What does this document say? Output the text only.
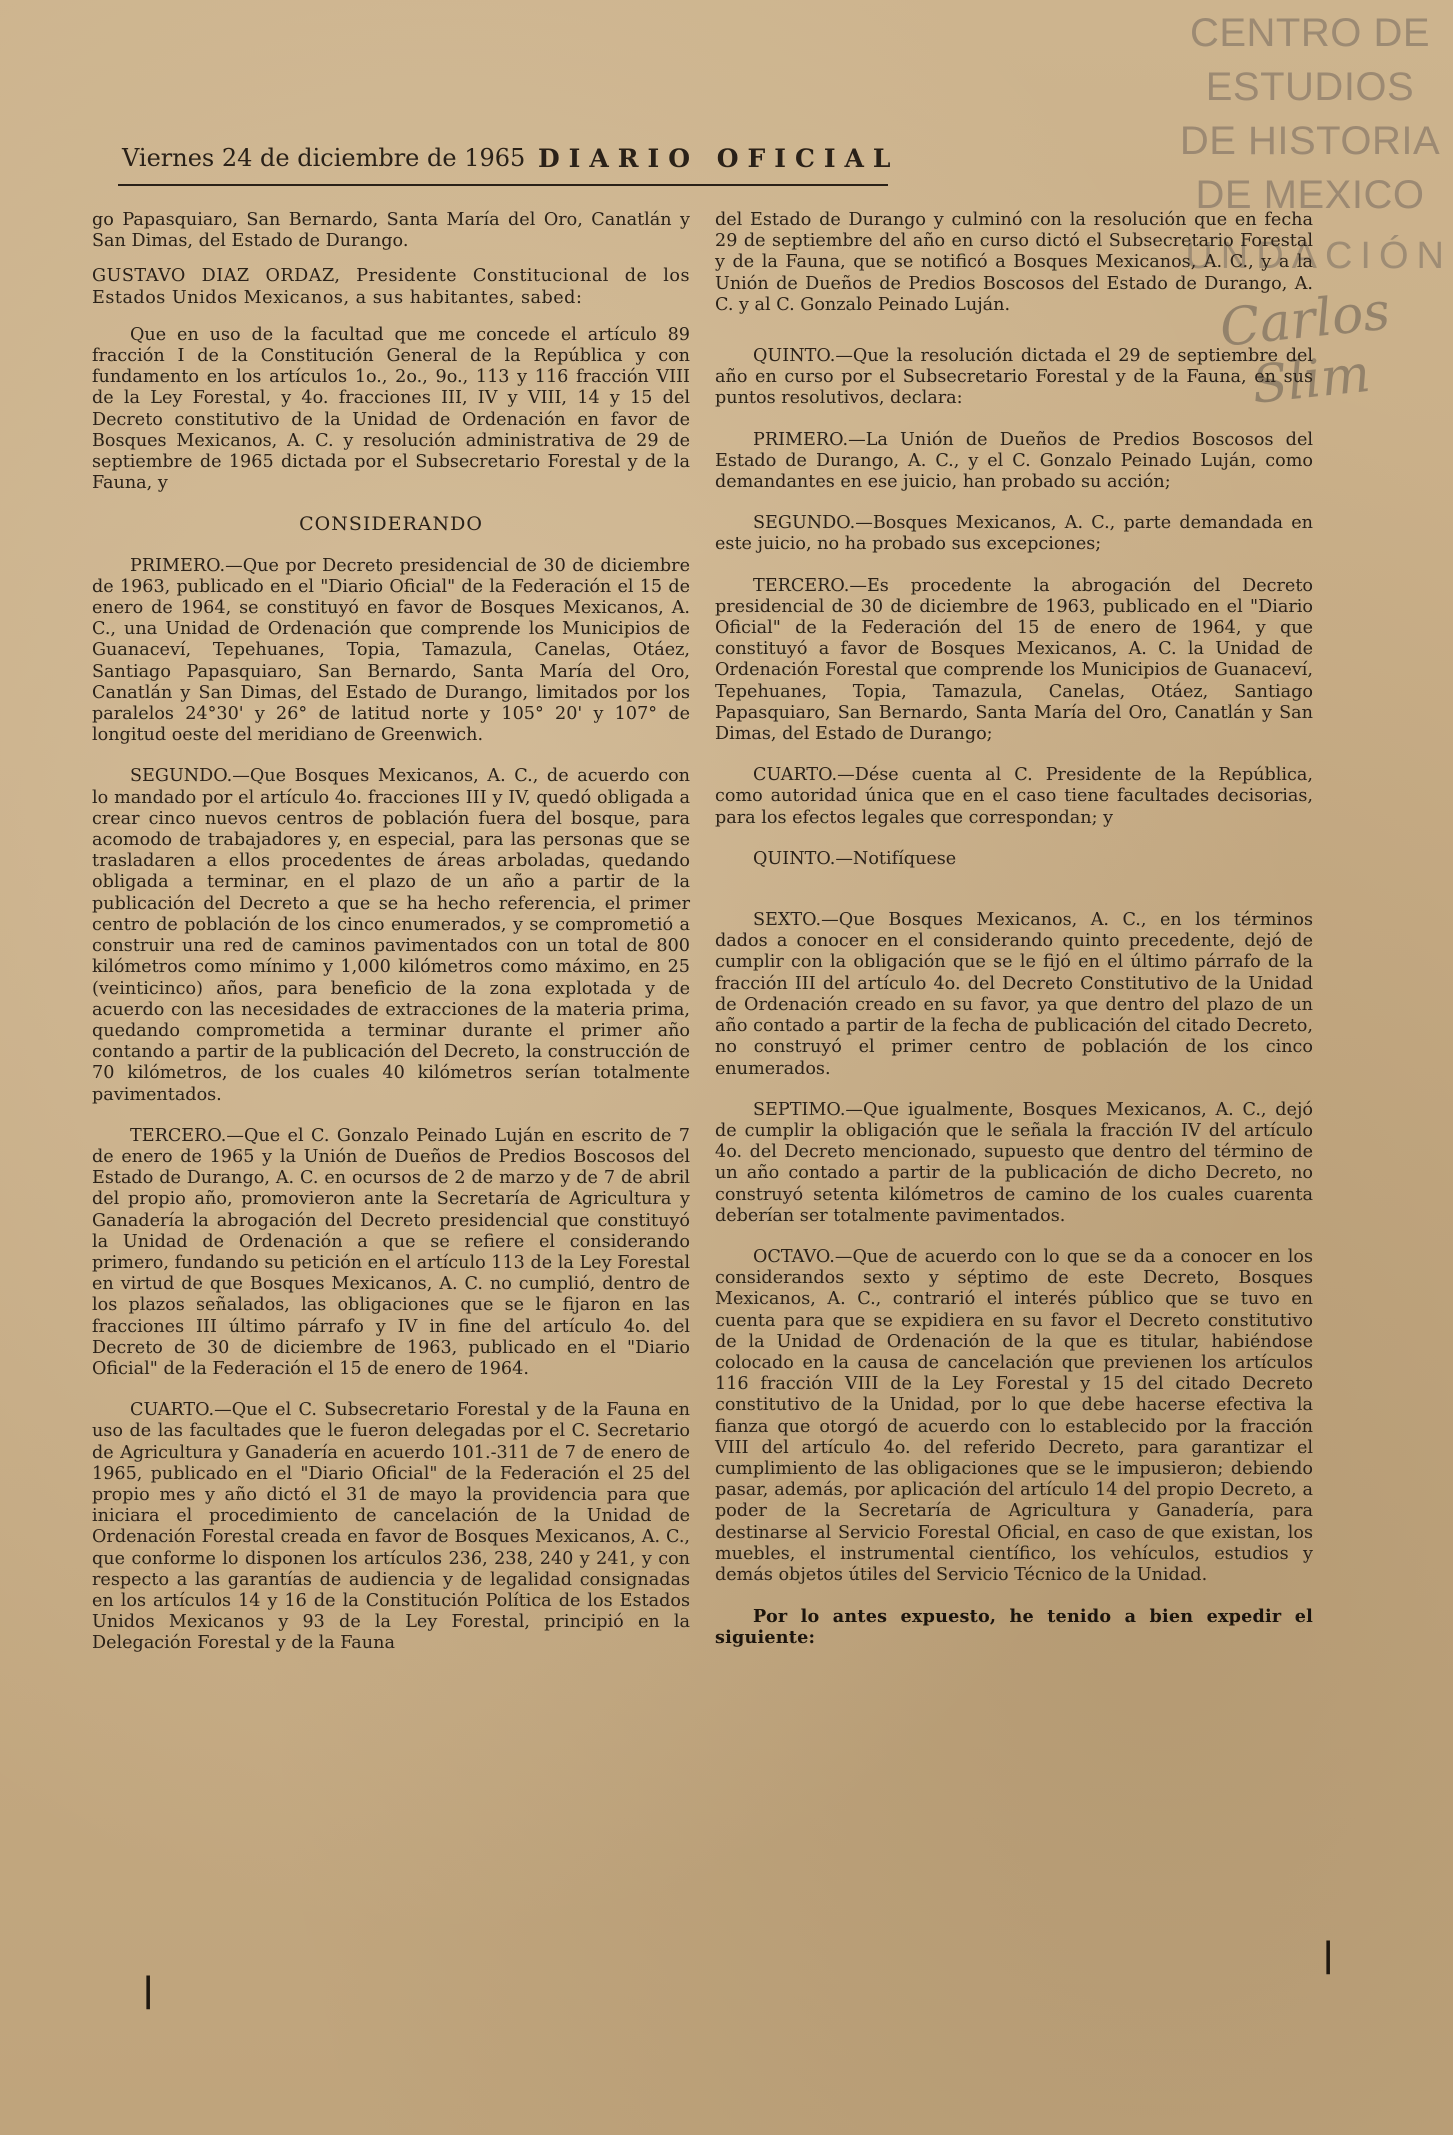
CENTRO DE
ESTUDIOS
DE HISTORIA
DE MEXICO
UNDACIÓN
Carlos Slim
Viernes 24 de diciembre de 1965 DIARIO OFICIAL

go Papasquiaro, San Bernardo, Santa María del Oro, Canatlán y San Dimas, del Estado de Durango.

GUSTAVO DIAZ ORDAZ, Presidente Constitucional de los Estados Unidos Mexicanos, a sus habitantes, sabed:

Que en uso de la facultad que me concede el artículo 89 fracción I de la Constitución General de la República y con fundamento en los artículos 1o., 2o., 9o., 113 y 116 fracción VIII de la Ley Forestal, y 4o. fracciones III, IV y VIII, 14 y 15 del Decreto constitutivo de la Unidad de Ordenación en favor de Bosques Mexicanos, A. C. y resolución administrativa de 29 de septiembre de 1965 dictada por el Subsecretario Forestal y de la Fauna, y

CONSIDERANDO

PRIMERO.—Que por Decreto presidencial de 30 de diciembre de 1963, publicado en el "Diario Oficial" de la Federación el 15 de enero de 1964, se constituyó en favor de Bosques Mexicanos, A. C., una Unidad de Ordenación que comprende los Municipios de Guanaceví, Tepehuanes, Topia, Tamazula, Canelas, Otáez, Santiago Papasquiaro, San Bernardo, Santa María del Oro, Canatlán y San Dimas, del Estado de Durango, limitados por los paralelos 24°30' y 26° de latitud norte y 105° 20' y 107° de longitud oeste del meridiano de Greenwich.

SEGUNDO.—Que Bosques Mexicanos, A. C., de acuerdo con lo mandado por el artículo 4o. fracciones III y IV, quedó obligada a crear cinco nuevos centros de población fuera del bosque, para acomodo de trabajadores y, en especial, para las personas que se trasladaren a ellos procedentes de áreas arboladas, quedando obligada a terminar, en el plazo de un año a partir de la publicación del Decreto a que se ha hecho referencia, el primer centro de población de los cinco enumerados, y se comprometió a construir una red de caminos pavimentados con un total de 800 kilómetros como mínimo y 1,000 kilómetros como máximo, en 25 (veinticinco) años, para beneficio de la zona explotada y de acuerdo con las necesidades de extracciones de la materia prima, quedando comprometida a terminar durante el primer año contando a partir de la publicación del Decreto, la construcción de 70 kilómetros, de los cuales 40 kilómetros serían totalmente pavimentados.

TERCERO.—Que el C. Gonzalo Peinado Luján en escrito de 7 de enero de 1965 y la Unión de Dueños de Predios Boscosos del Estado de Durango, A. C. en ocursos de 2 de marzo y de 7 de abril del propio año, promovieron ante la Secretaría de Agricultura y Ganadería la abrogación del Decreto presidencial que constituyó la Unidad de Ordenación a que se refiere el considerando primero, fundando su petición en el artículo 113 de la Ley Forestal en virtud de que Bosques Mexicanos, A. C. no cumplió, dentro de los plazos señalados, las obligaciones que se le fijaron en las fracciones III último párrafo y IV in fine del artículo 4o. del Decreto de 30 de diciembre de 1963, publicado en el "Diario Oficial" de la Federación el 15 de enero de 1964.

CUARTO.—Que el C. Subsecretario Forestal y de la Fauna en uso de las facultades que le fueron delegadas por el C. Secretario de Agricultura y Ganadería en acuerdo 101.-311 de 7 de enero de 1965, publicado en el "Diario Oficial" de la Federación el 25 del propio mes y año dictó el 31 de mayo la providencia para que iniciara el procedimiento de cancelación de la Unidad de Ordenación Forestal creada en favor de Bosques Mexicanos, A. C., que conforme lo disponen los artículos 236, 238, 240 y 241, y con respecto a las garantías de audiencia y de legalidad consignadas en los artículos 14 y 16 de la Constitución Política de los Estados Unidos Mexicanos y 93 de la Ley Forestal, principió en la Delegación Forestal y de la Fauna

del Estado de Durango y culminó con la resolución que en fecha 29 de septiembre del año en curso dictó el Subsecretario Forestal y de la Fauna, que se notificó a Bosques Mexicanos, A. C., y a la Unión de Dueños de Predios Boscosos del Estado de Durango, A. C. y al C. Gonzalo Peinado Luján.

QUINTO.—Que la resolución dictada el 29 de septiembre del año en curso por el Subsecretario Forestal y de la Fauna, en sus puntos resolutivos, declara:

PRIMERO.—La Unión de Dueños de Predios Boscosos del Estado de Durango, A. C., y el C. Gonzalo Peinado Luján, como demandantes en ese juicio, han probado su acción;

SEGUNDO.—Bosques Mexicanos, A. C., parte demandada en este juicio, no ha probado sus excepciones;

TERCERO.—Es procedente la abrogación del Decreto presidencial de 30 de diciembre de 1963, publicado en el "Diario Oficial" de la Federación del 15 de enero de 1964, y que constituyó a favor de Bosques Mexicanos, A. C. la Unidad de Ordenación Forestal que comprende los Municipios de Guanaceví, Tepehuanes, Topia, Tamazula, Canelas, Otáez, Santiago Papasquiaro, San Bernardo, Santa María del Oro, Canatlán y San Dimas, del Estado de Durango;

CUARTO.—Dése cuenta al C. Presidente de la República, como autoridad única que en el caso tiene facultades decisorias, para los efectos legales que correspondan; y

QUINTO.—Notifíquese

SEXTO.—Que Bosques Mexicanos, A. C., en los términos dados a conocer en el considerando quinto precedente, dejó de cumplir con la obligación que se le fijó en el último párrafo de la fracción III del artículo 4o. del Decreto Constitutivo de la Unidad de Ordenación creado en su favor, ya que dentro del plazo de un año contado a partir de la fecha de publicación del citado Decreto, no construyó el primer centro de población de los cinco enumerados.

SEPTIMO.—Que igualmente, Bosques Mexicanos, A. C., dejó de cumplir la obligación que le señala la fracción IV del artículo 4o. del Decreto mencionado, supuesto que dentro del término de un año contado a partir de la publicación de dicho Decreto, no construyó setenta kilómetros de camino de los cuales cuarenta deberían ser totalmente pavimentados.

OCTAVO.—Que de acuerdo con lo que se da a conocer en los considerandos sexto y séptimo de este Decreto, Bosques Mexicanos, A. C., contrarió el interés público que se tuvo en cuenta para que se expidiera en su favor el Decreto constitutivo de la Unidad de Ordenación de la que es titular, habiéndose colocado en la causa de cancelación que previenen los artículos 116 fracción VIII de la Ley Forestal y 15 del citado Decreto constitutivo de la Unidad, por lo que debe hacerse efectiva la fianza que otorgó de acuerdo con lo establecido por la fracción VIII del artículo 4o. del referido Decreto, para garantizar el cumplimiento de las obligaciones que se le impusieron; debiendo pasar, además, por aplicación del artículo 14 del propio Decreto, a poder de la Secretaría de Agricultura y Ganadería, para destinarse al Servicio Forestal Oficial, en caso de que existan, los muebles, el instrumental científico, los vehículos, estudios y demás objetos útiles del Servicio Técnico de la Unidad.

Por lo antes expuesto, he tenido a bien expedir el siguiente:

|
|
